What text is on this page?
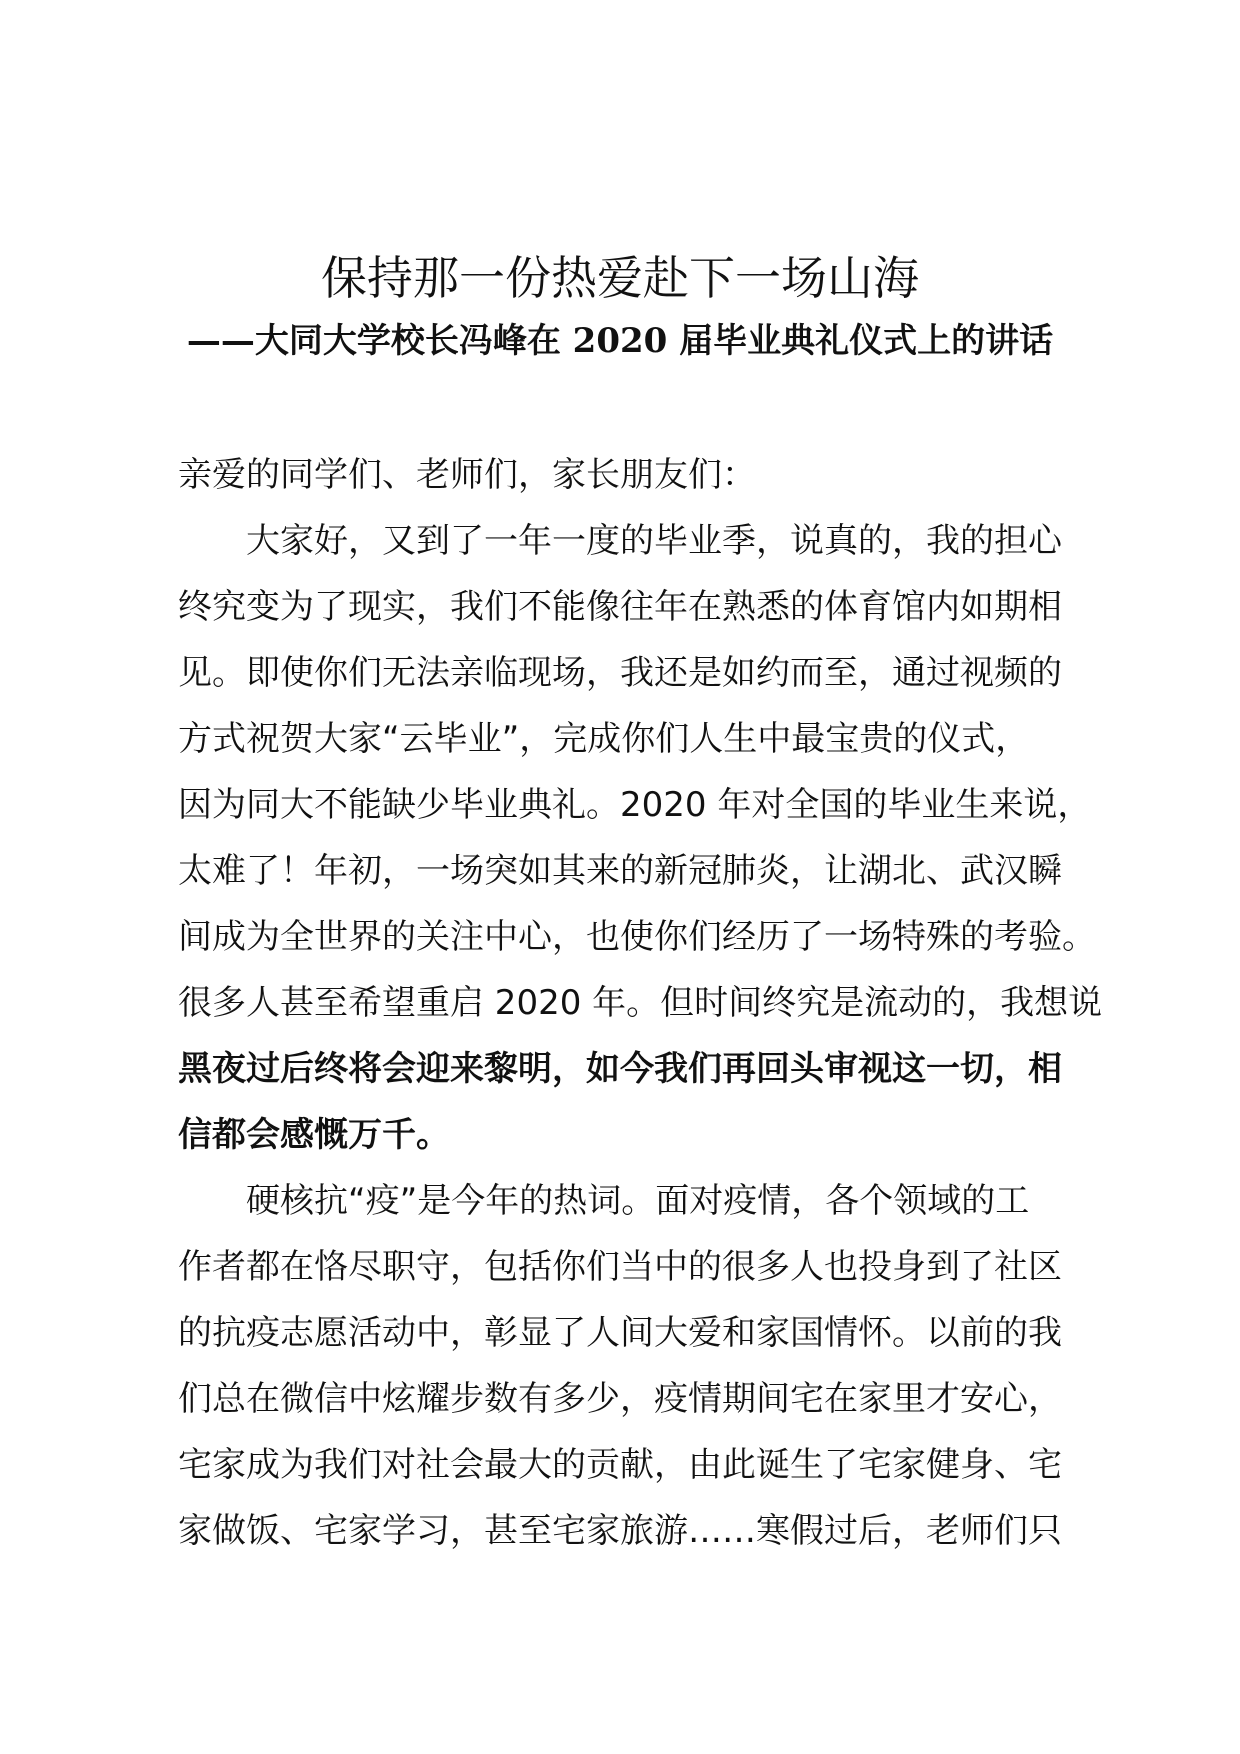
保持那一份热爱赴下一场山海
——大同大学校长冯峰在 2020 届毕业典礼仪式上的讲话
亲爱的同学们、老师们，家长朋友们：
大家好，又到了一年一度的毕业季，说真的，我的担心
终究变为了现实，我们不能像往年在熟悉的体育馆内如期相
见。即使你们无法亲临现场，我还是如约而至，通过视频的
方式祝贺大家“云毕业”，完成你们人生中最宝贵的仪式，
因为同大不能缺少毕业典礼。2020 年对全国的毕业生来说，
太难了！年初，一场突如其来的新冠肺炎，让湖北、武汉瞬
间成为全世界的关注中心，也使你们经历了一场特殊的考验。
很多人甚至希望重启 2020 年。但时间终究是流动的，我想说
黑夜过后终将会迎来黎明，如今我们再回头审视这一切，相
信都会感慨万千。
硬核抗“疫”是今年的热词。面对疫情，各个领域的工
作者都在恪尽职守，包括你们当中的很多人也投身到了社区
的抗疫志愿活动中，彰显了人间大爱和家国情怀。以前的我
们总在微信中炫耀步数有多少，疫情期间宅在家里才安心，
宅家成为我们对社会最大的贡献，由此诞生了宅家健身、宅
家做饭、宅家学习，甚至宅家旅游……寒假过后，老师们只
